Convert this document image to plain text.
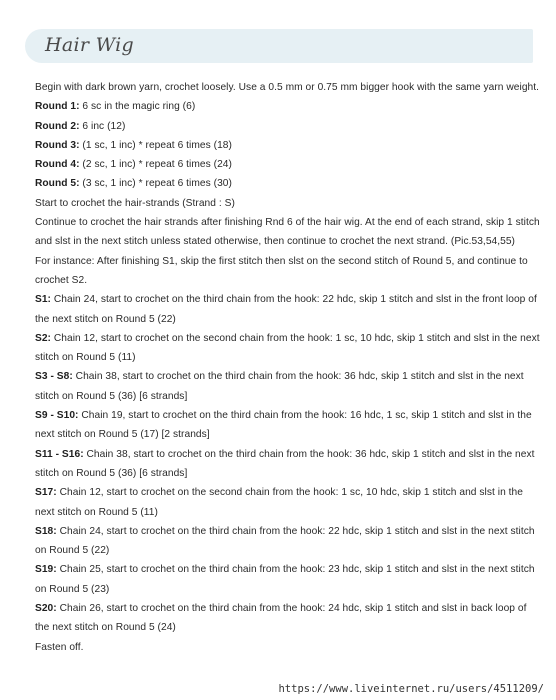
Hair Wig

Begin with dark brown yarn, crochet loosely. Use a 0.5 mm or 0.75 mm bigger hook with the same yarn weight.

Round 1: 6 sc in the magic ring (6)

Round 2: 6 inc (12)

Round 3: (1 sc, 1 inc) * repeat 6 times (18)

Round 4: (2 sc, 1 inc) * repeat 6 times (24)

Round 5: (3 sc, 1 inc) * repeat 6 times (30)

Start to crochet the hair-strands (Strand : S)

Continue to crochet the hair strands after finishing Rnd 6 of the hair wig. At the end of each strand, skip 1 stitch

and slst in the next stitch unless stated otherwise, then continue to crochet the next strand. (Pic.53,54,55)

For instance: After finishing S1, skip the first stitch then slst on the second stitch of Round 5, and continue to crochet S2.

S1: Chain 24, start to crochet on the third chain from the hook: 22 hdc, skip 1 stitch and slst in the front loop of the next stitch on Round 5 (22)

S2: Chain 12, start to crochet on the second chain from the hook: 1 sc, 10 hdc, skip 1 stitch and slst in the next stitch on Round 5 (11)

S3 - S8: Chain 38, start to crochet on the third chain from the hook: 36 hdc, skip 1 stitch and slst in the next stitch on Round 5 (36) [6 strands]

S9 - S10: Chain 19, start to crochet on the third chain from the hook: 16 hdc, 1 sc, skip 1 stitch and slst in the next stitch on Round 5 (17) [2 strands]

S11 - S16: Chain 38, start to crochet on the third chain from the hook: 36 hdc, skip 1 stitch and slst in the next stitch on Round 5 (36) [6 strands]

S17: Chain 12, start to crochet on the second chain from the hook: 1 sc, 10 hdc, skip 1 stitch and slst in the next stitch on Round 5 (11)

S18: Chain 24, start to crochet on the third chain from the hook: 22 hdc, skip 1 stitch and slst in the next stitch on Round 5 (22)

S19: Chain 25, start to crochet on the third chain from the hook: 23 hdc, skip 1 stitch and slst in the next stitch on Round 5 (23)

S20: Chain 26, start to crochet on the third chain from the hook: 24 hdc, skip 1 stitch and slst in back loop of the next stitch on Round 5 (24)

Fasten off.

https://www.liveinternet.ru/users/4511209/
